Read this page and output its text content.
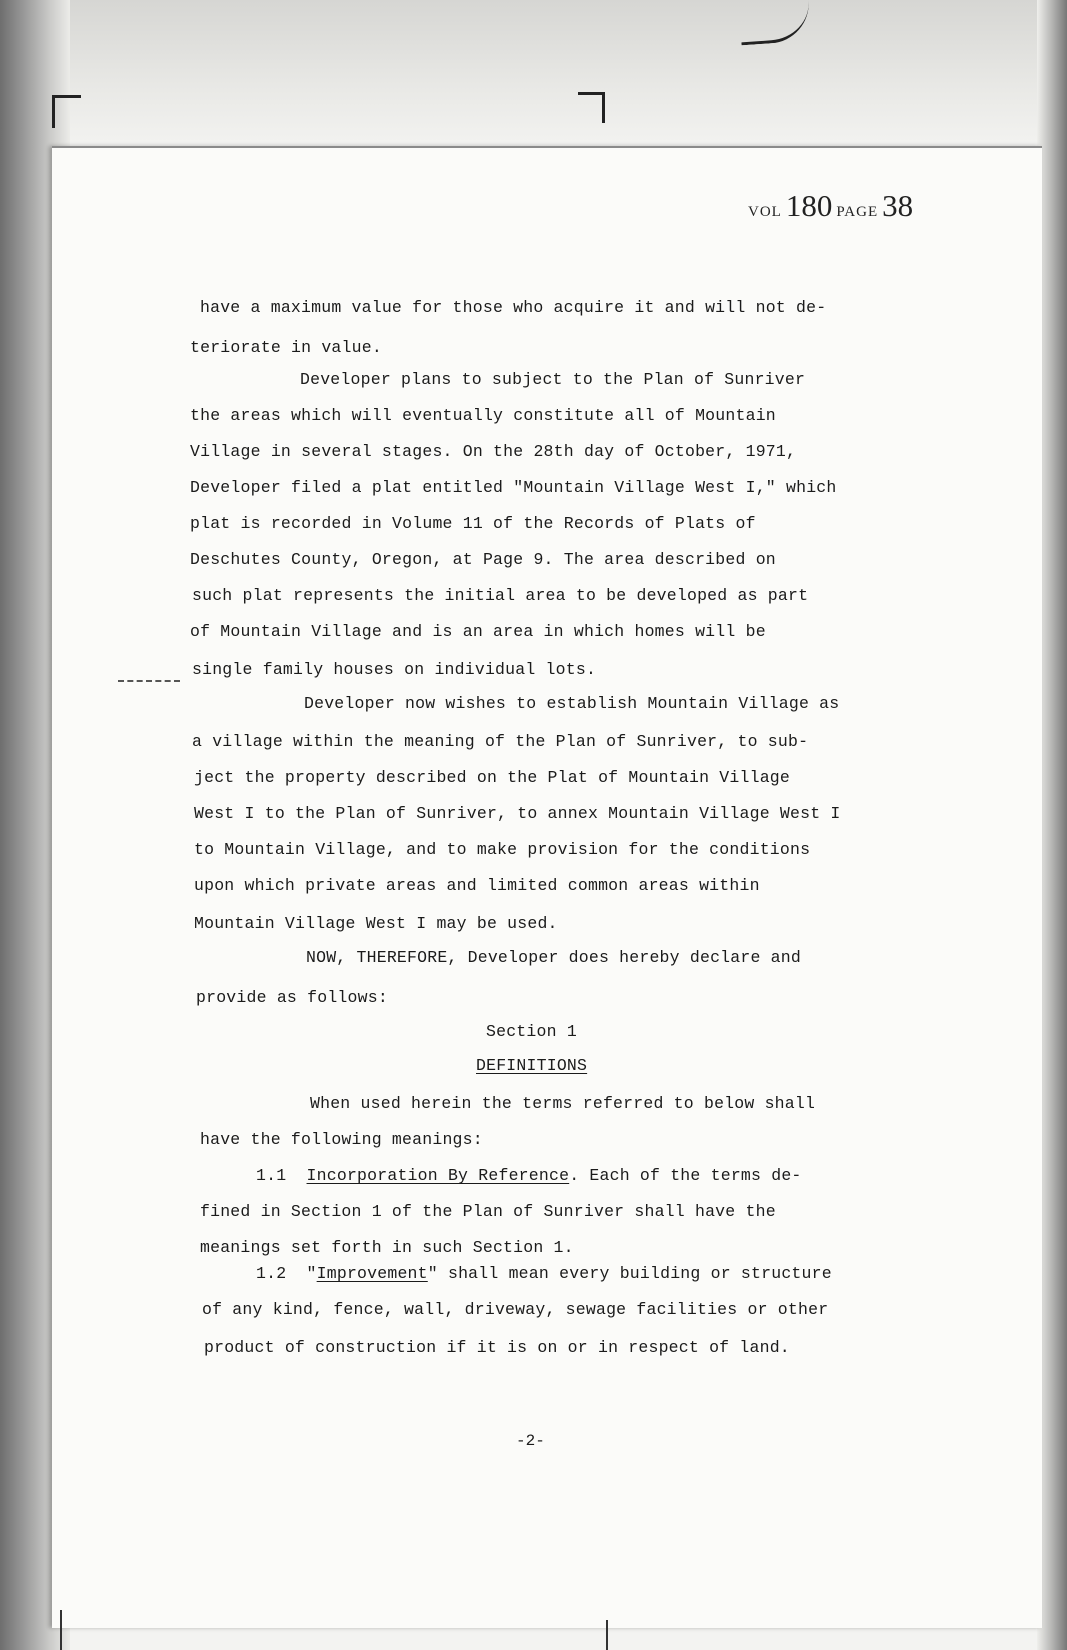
VOL 180 PAGE 38
have a maximum value for those who acquire it and will not de-
teriorate in value.
Developer plans to subject to the Plan of Sunriver
the areas which will eventually constitute all of Mountain
Village in several stages. On the 28th day of October, 1971,
Developer filed a plat entitled "Mountain Village West I," which
plat is recorded in Volume 11 of the Records of Plats of
Deschutes County, Oregon, at Page 9. The area described on
such plat represents the initial area to be developed as part
of Mountain Village and is an area in which homes will be
single family houses on individual lots.
Developer now wishes to establish Mountain Village as
a village within the meaning of the Plan of Sunriver, to sub-
ject the property described on the Plat of Mountain Village
West I to the Plan of Sunriver, to annex Mountain Village West I
to Mountain Village, and to make provision for the conditions
upon which private areas and limited common areas within
Mountain Village West I may be used.
NOW, THEREFORE, Developer does hereby declare and
provide as follows:
Section 1
DEFINITIONS
When used herein the terms referred to below shall
have the following meanings:
1.1 Incorporation By Reference. Each of the terms de-
fined in Section 1 of the Plan of Sunriver shall have the
meanings set forth in such Section 1.
1.2 "Improvement" shall mean every building or structure
of any kind, fence, wall, driveway, sewage facilities or other
product of construction if it is on or in respect of land.
-2-
